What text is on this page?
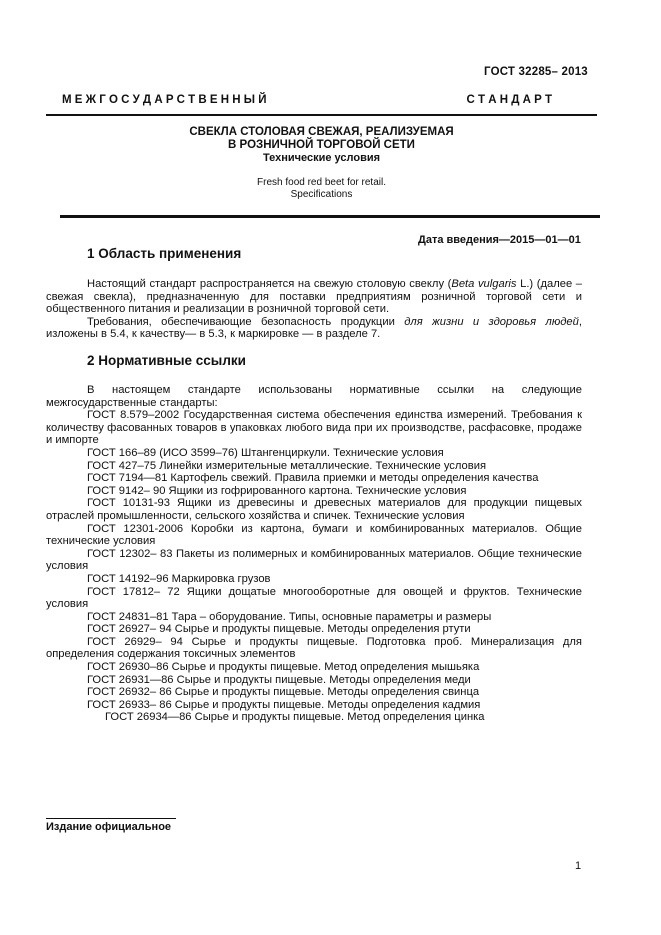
ГОСТ 32285– 2013
М Е Ж Г О С У Д А Р С Т В Е Н Н Ы Й	С Т А Н Д А Р Т
СВЕКЛА СТОЛОВАЯ СВЕЖАЯ, РЕАЛИЗУЕМАЯ
В РОЗНИЧНОЙ ТОРГОВОЙ СЕТИ
Технические условия
Fresh food red beet for retail.
Specifications
Дата введения—2015—01—01
1 Область применения

Настоящий стандарт распространяется на свежую столовую свеклу (Beta vulgaris L.) (далее – свежая свекла), предназначенную для поставки предприятиям розничной торговой сети и общественного питания и реализации в розничной торговой сети.

Требования, обеспечивающие безопасность продукции для жизни и здоровья людей, изложены в 5.4, к качеству— в 5.3, к маркировке — в разделе 7.

2 Нормативные ссылки

В настоящем стандарте использованы нормативные ссылки на следующие межгосударственные стандарты:

ГОСТ 8.579–2002 Государственная система обеспечения единства измерений. Требования к количеству фасованных товаров в упаковках любого вида при их производстве, расфасовке, продаже и импорте

ГОСТ 166–89 (ИСО 3599–76) Штангенциркули. Технические условия

ГОСТ 427–75 Линейки измерительные металлические. Технические условия

ГОСТ 7194—81 Картофель свежий. Правила приемки и методы определения качества

ГОСТ 9142– 90 Ящики из гофрированного картона. Технические условия

ГОСТ 10131-93 Ящики из древесины и древесных материалов для продукции пищевых отраслей промышленности, сельского хозяйства и спичек. Технические условия

ГОСТ 12301-2006 Коробки из картона, бумаги и комбинированных материалов. Общие технические условия

ГОСТ 12302– 83 Пакеты из полимерных и комбинированных материалов. Общие технические условия

ГОСТ 14192–96 Маркировка грузов

ГОСТ 17812– 72 Ящики дощатые многооборотные для овощей и фруктов. Технические условия

ГОСТ 24831–81 Тара – оборудование. Типы, основные параметры и размеры

ГОСТ 26927– 94 Сырье и продукты пищевые. Методы определения ртути

ГОСТ 26929– 94 Сырье и продукты пищевые. Подготовка проб. Минерализация для определения содержания токсичных элементов

ГОСТ 26930–86 Сырье и продукты пищевые. Метод определения мышьяка

ГОСТ 26931—86 Сырье и продукты пищевые. Методы определения меди

ГОСТ 26932– 86 Сырье и продукты пищевые. Методы определения свинца

ГОСТ 26933– 86 Сырье и продукты пищевые. Методы определения кадмия

ГОСТ 26934—86 Сырье и продукты пищевые. Метод определения цинка

Издание официальное
1
